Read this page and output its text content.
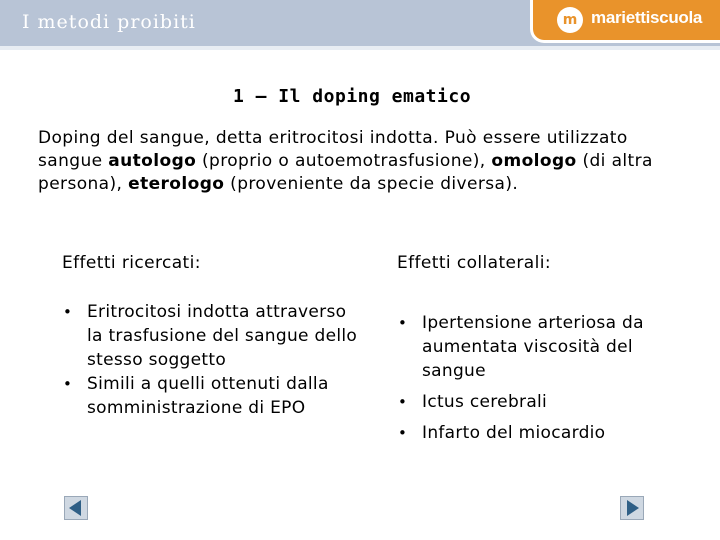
I metodi proibiti	m mariettiscuola
1 – Il doping ematico
Doping del sangue, detta eritrocitosi indotta. Può essere utilizzato sangue autologo (proprio o autoemotrasfusione), omologo (di altra persona), eterologo (proveniente da specie diversa).
Effetti ricercati:	Effetti collaterali:
• Eritrocitosi indotta attraverso la trasfusione del sangue dello stesso soggetto
• Simili a quelli ottenuti dalla somministrazione di EPO
• Ipertensione arteriosa da aumentata viscosità del sangue
• Ictus cerebrali
• Infarto del miocardio
